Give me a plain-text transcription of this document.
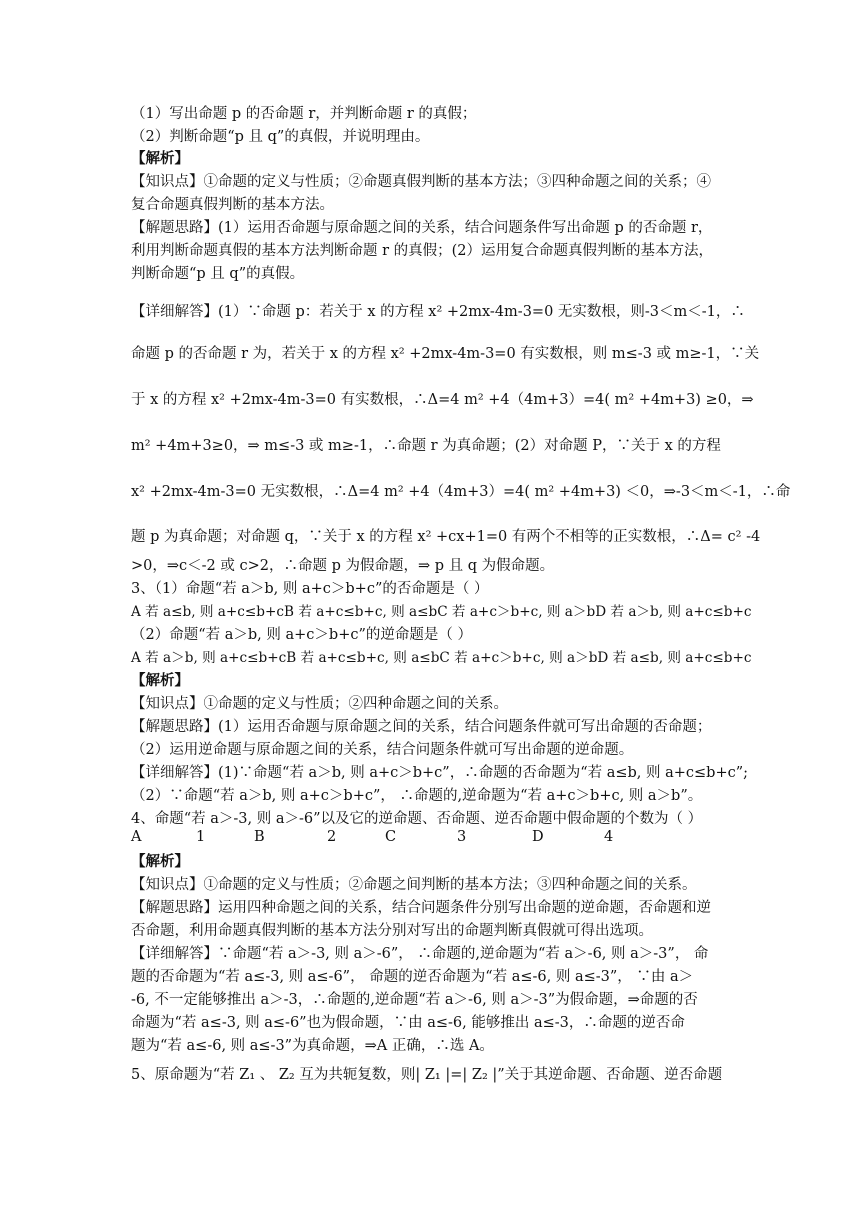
（1）写出命题 p 的否命题 r，并判断命题 r 的真假；
（2）判断命题“p 且 q”的真假，并说明理由。
【解析】
【知识点】①命题的定义与性质；②命题真假判断的基本方法；③四种命题之间的关系；④
复合命题真假判断的基本方法。
【解题思路】(1）运用否命题与原命题之间的关系，结合问题条件写出命题 p 的否命题 r，
利用判断命题真假的基本方法判断命题 r 的真假；(2）运用复合命题真假判断的基本方法，
判断命题“p 且 q”的真假。
【详细解答】(1）∵命题 p：若关于 x 的方程 x² +2mx-4m-3=0 无实数根，则-3＜m＜-1，∴
命题 p 的否命题 r 为，若关于 x 的方程 x² +2mx-4m-3=0 有实数根，则 m≤-3 或 m≥-1，∵关
于 x 的方程 x² +2mx-4m-3=0 有实数根，∴Δ=4 m² +4（4m+3）=4( m² +4m+3) ≥0，⇒
m² +4m+3≥0，⇒ m≤-3 或 m≥-1，∴命题 r 为真命题；(2）对命题 P，∵关于 x 的方程
x² +2mx-4m-3=0 无实数根，∴Δ=4 m² +4（4m+3）=4( m² +4m+3) ＜0，⇒-3＜m＜-1，∴命
题 p 为真命题；对命题 q，∵关于 x 的方程 x² +cx+1=0 有两个不相等的正实数根，∴Δ= c² -4
>0，⇒c＜-2 或 c>2，∴命题 p 为假命题，⇒ p 且 q 为假命题。
3、（1）命题“若 a＞b, 则 a+c＞b+c”的否命题是（ ）
A 若 a≤b, 则 a+c≤b+cB 若 a+c≤b+c, 则 a≤bC 若 a+c＞b+c, 则 a＞bD 若 a＞b, 则 a+c≤b+c
（2）命题“若 a＞b, 则 a+c＞b+c”的逆命题是（ ）
A 若 a＞b, 则 a+c≤b+cB 若 a+c≤b+c, 则 a≤bC 若 a+c＞b+c, 则 a＞bD 若 a≤b, 则 a+c≤b+c
【解析】
【知识点】①命题的定义与性质；②四种命题之间的关系。
【解题思路】(1）运用否命题与原命题之间的关系，结合问题条件就可写出命题的否命题；
（2）运用逆命题与原命题之间的关系，结合问题条件就可写出命题的逆命题。
【详细解答】(1)∵命题“若 a＞b, 则 a+c＞b+c”，∴命题的否命题为“若 a≤b, 则 a+c≤b+c”;
（2）∵命题“若 a＞b, 则 a+c＞b+c”， ∴命题的,逆命题为“若 a+c＞b+c, 则 a＞b”。
4、命题“若 a＞-3, 则 a＞-6”以及它的逆命题、否命题、逆否命题中假命题的个数为（ ）
A	1	B	2	C	3	D	4
【解析】
【知识点】①命题的定义与性质；②命题之间判断的基本方法；③四种命题之间的关系。
【解题思路】运用四种命题之间的关系，结合问题条件分别写出命题的逆命题，否命题和逆
否命题，利用命题真假判断的基本方法分别对写出的命题判断真假就可得出选项。
【详细解答】∵命题“若 a＞-3, 则 a＞-6”， ∴命题的,逆命题为“若 a＞-6, 则 a＞-3”， 命
题的否命题为“若 a≤-3, 则 a≤-6”， 命题的逆否命题为“若 a≤-6, 则 a≤-3”， ∵由 a＞
-6, 不一定能够推出 a＞-3，∴命题的,逆命题“若 a＞-6, 则 a＞-3”为假命题，⇒命题的否
命题为“若 a≤-3, 则 a≤-6”也为假命题，∵由 a≤-6, 能够推出 a≤-3，∴命题的逆否命
题为“若 a≤-6, 则 a≤-3”为真命题，⇒A 正确，∴选 A。
5、原命题为“若 Z₁ 、 Z₂ 互为共轭复数，则| Z₁ |=| Z₂ |”关于其逆命题、否命题、逆否命题
